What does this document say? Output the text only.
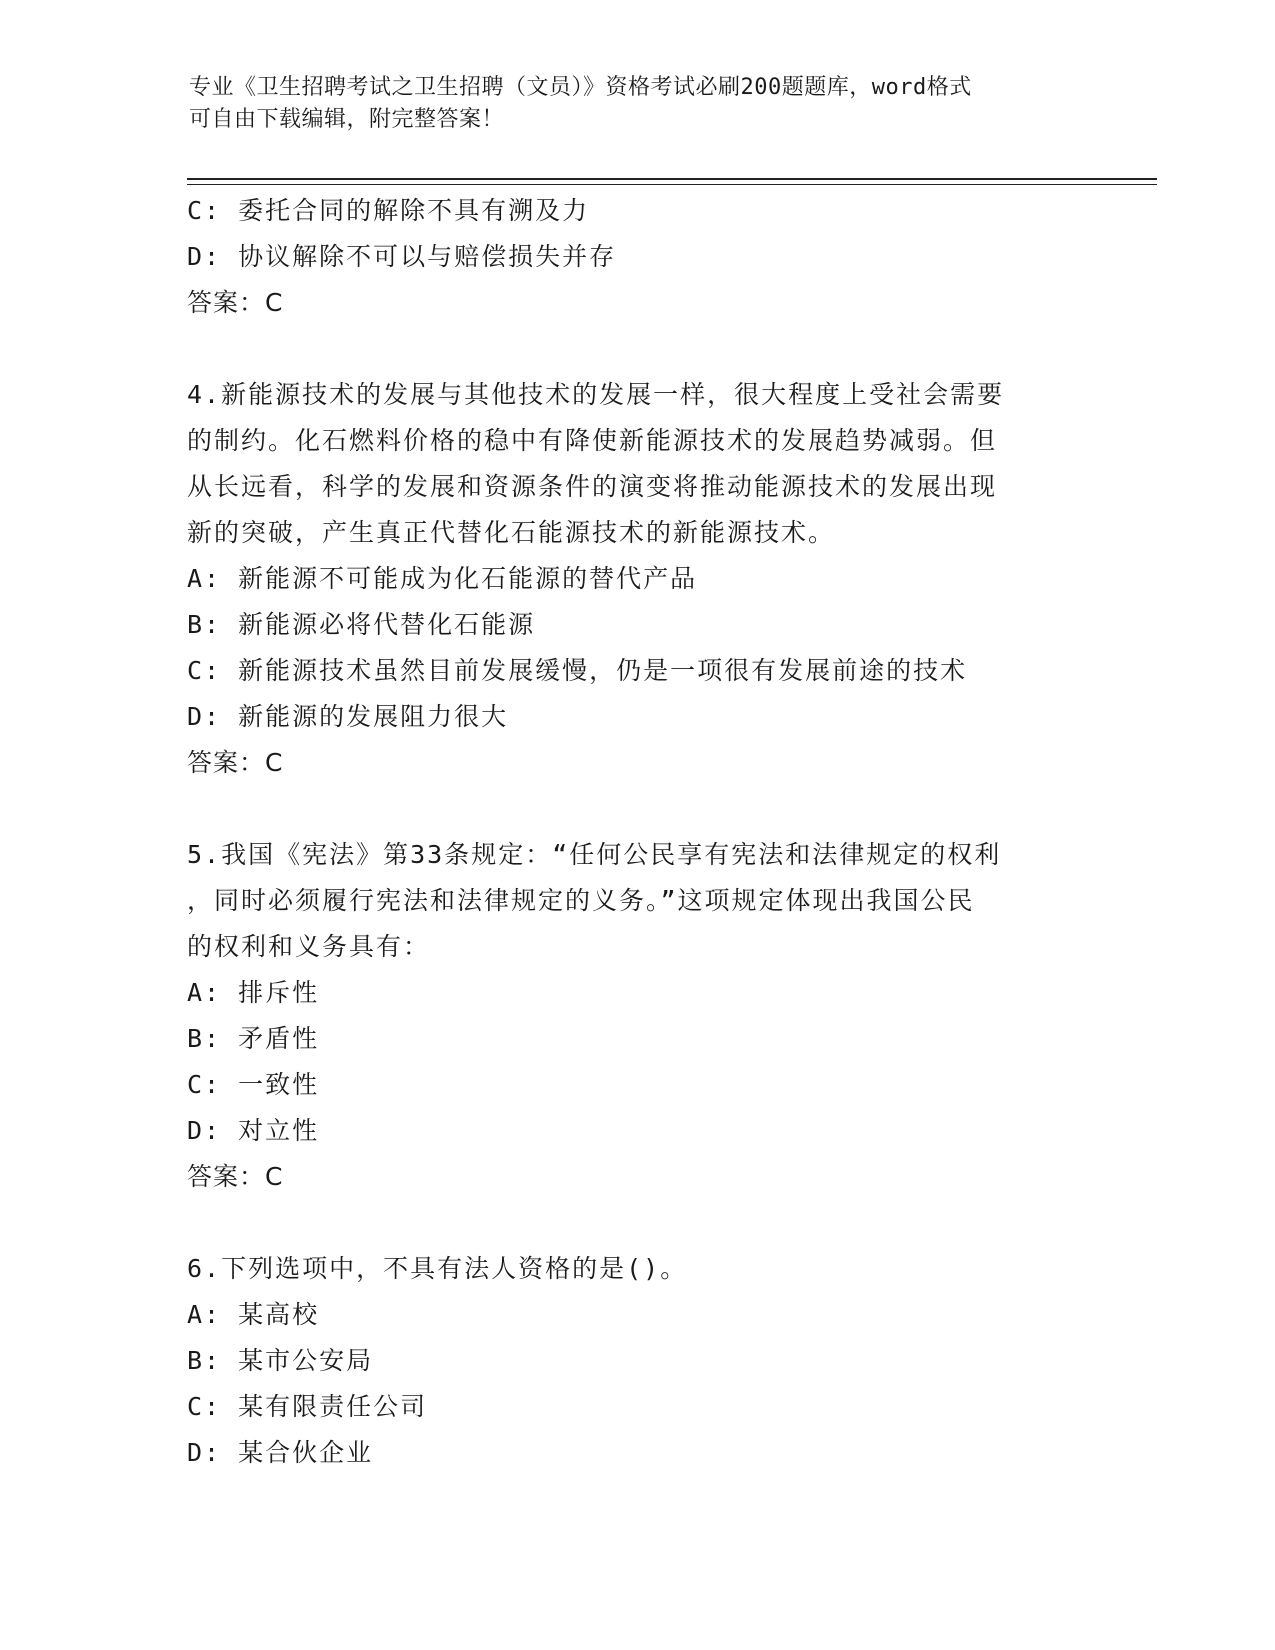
专业《卫生招聘考试之卫生招聘（文员）》资格考试必刷200题题库，word格式
可自由下载编辑，附完整答案！
C: 委托合同的解除不具有溯及力
D: 协议解除不可以与赔偿损失并存
答案：C
4.新能源技术的发展与其他技术的发展一样，很大程度上受社会需要
的制约。化石燃料价格的稳中有降使新能源技术的发展趋势减弱。但
从长远看，科学的发展和资源条件的演变将推动能源技术的发展出现
新的突破，产生真正代替化石能源技术的新能源技术。
A: 新能源不可能成为化石能源的替代产品
B: 新能源必将代替化石能源
C: 新能源技术虽然目前发展缓慢，仍是一项很有发展前途的技术
D: 新能源的发展阻力很大
答案：C
5.我国《宪法》第33条规定：“任何公民享有宪法和法律规定的权利
，同时必须履行宪法和法律规定的义务。”这项规定体现出我国公民
的权利和义务具有：
A: 排斥性
B: 矛盾性
C: 一致性
D: 对立性
答案：C
6.下列选项中，不具有法人资格的是()。
A: 某高校
B: 某市公安局
C: 某有限责任公司
D: 某合伙企业
